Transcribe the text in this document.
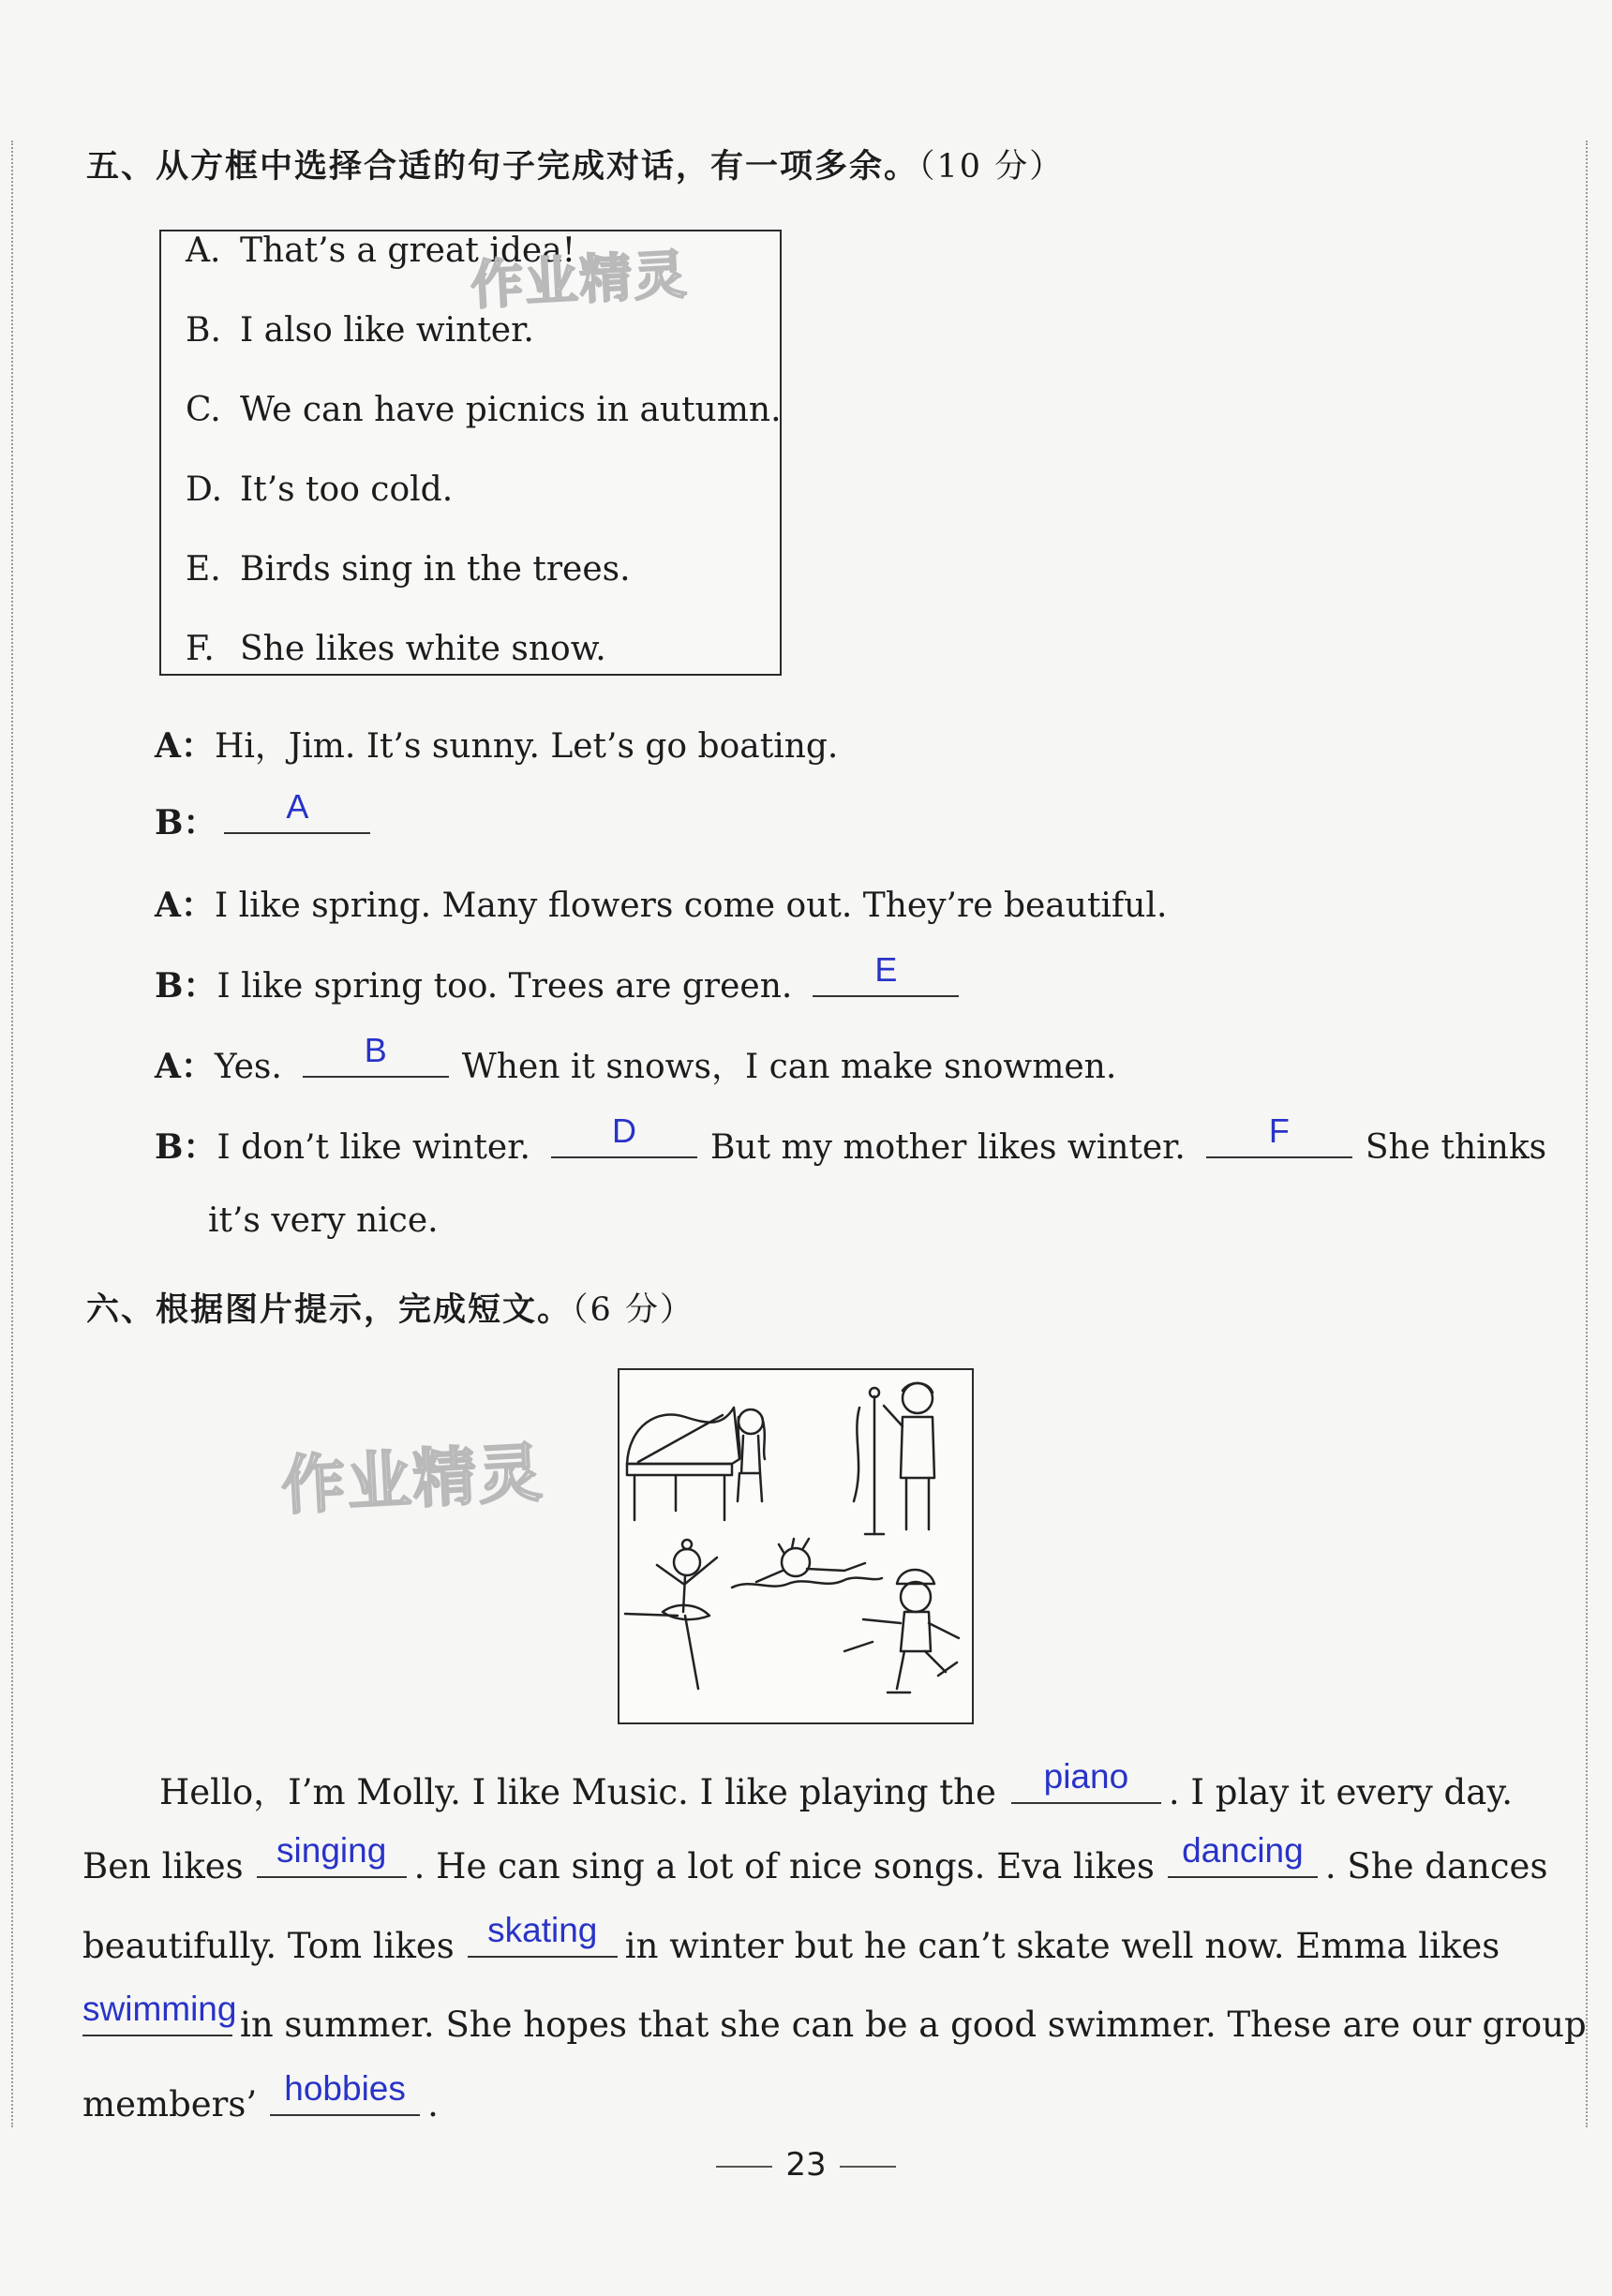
五、从方框中选择合适的句子完成对话，有一项多余。（10 分）
A. That’s a great idea!
B. I also like winter.
C. We can have picnics in autumn.
D. It’s too cold.
E. Birds sing in the trees.
F. She likes white snow.
作业精灵
A：Hi，Jim. It’s sunny. Let’s go boating.
B：	A
A：I like spring. Many flowers come out. They’re beautiful.
B：I like spring too. Trees are green.	E
A：Yes.	B	When it snows，I can make snowmen.
B：I don’t like winter.	D	But my mother likes winter.	F	She thinks
it’s very nice.
六、根据图片提示，完成短文。（6 分）
作业精灵
Hello，I’m Molly. I like Music. I like playing the	piano	. I play it every day.
Ben likes singing . He can sing a lot of nice songs. Eva likes dancing . She dances
beautifully. Tom likes skating in winter but he can’t skate well now. Emma likes
swimming in summer. She hopes that she can be a good swimmer. These are our group
members’ hobbies .
23
